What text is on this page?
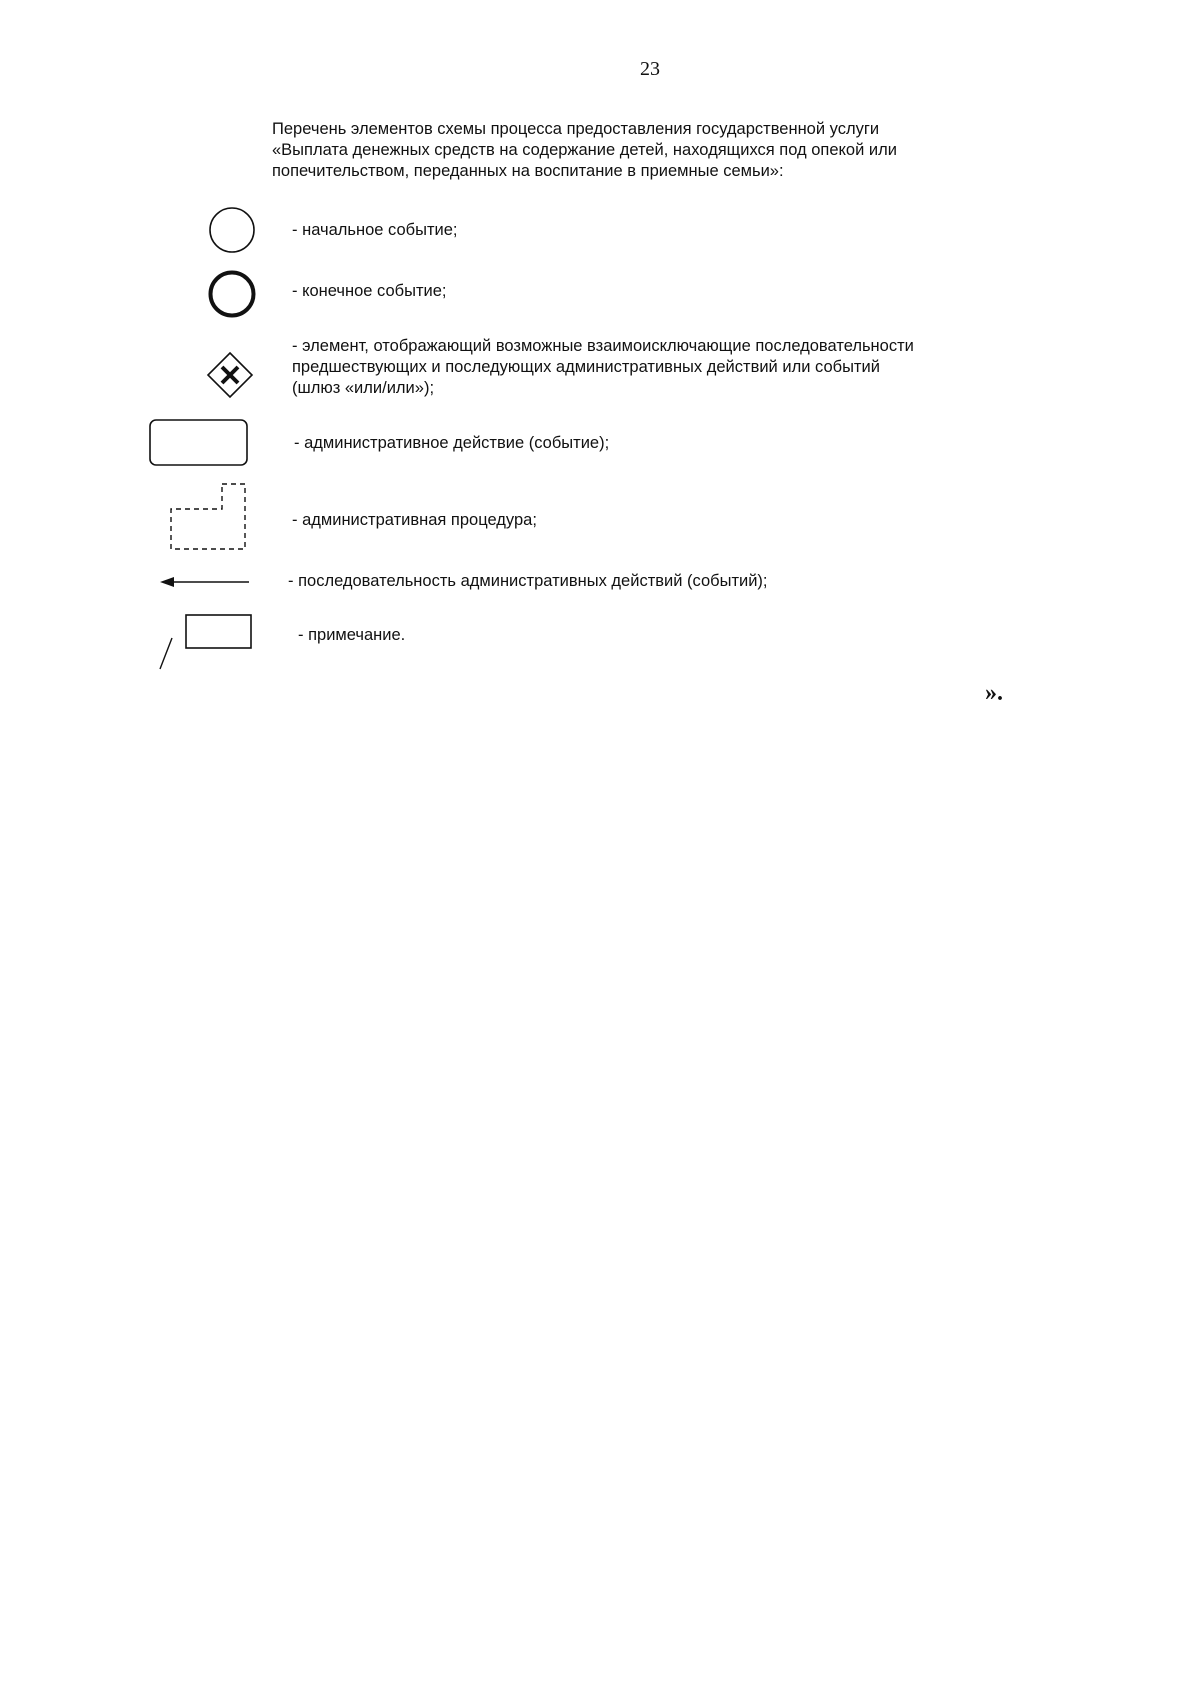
23
Перечень элементов схемы процесса предоставления государственной услуги
«Выплата денежных средств на содержание детей, находящихся под опекой или
попечительством, переданных на воспитание в приемные семьи»:
- начальное событие;
- конечное событие;
- элемент, отображающий возможные взаимоисключающие последовательности
предшествующих и последующих административных действий или событий
(шлюз «или/или»);
- административное действие (событие);
- административная процедура;
- последовательность административных действий (событий);
- примечание.
».
